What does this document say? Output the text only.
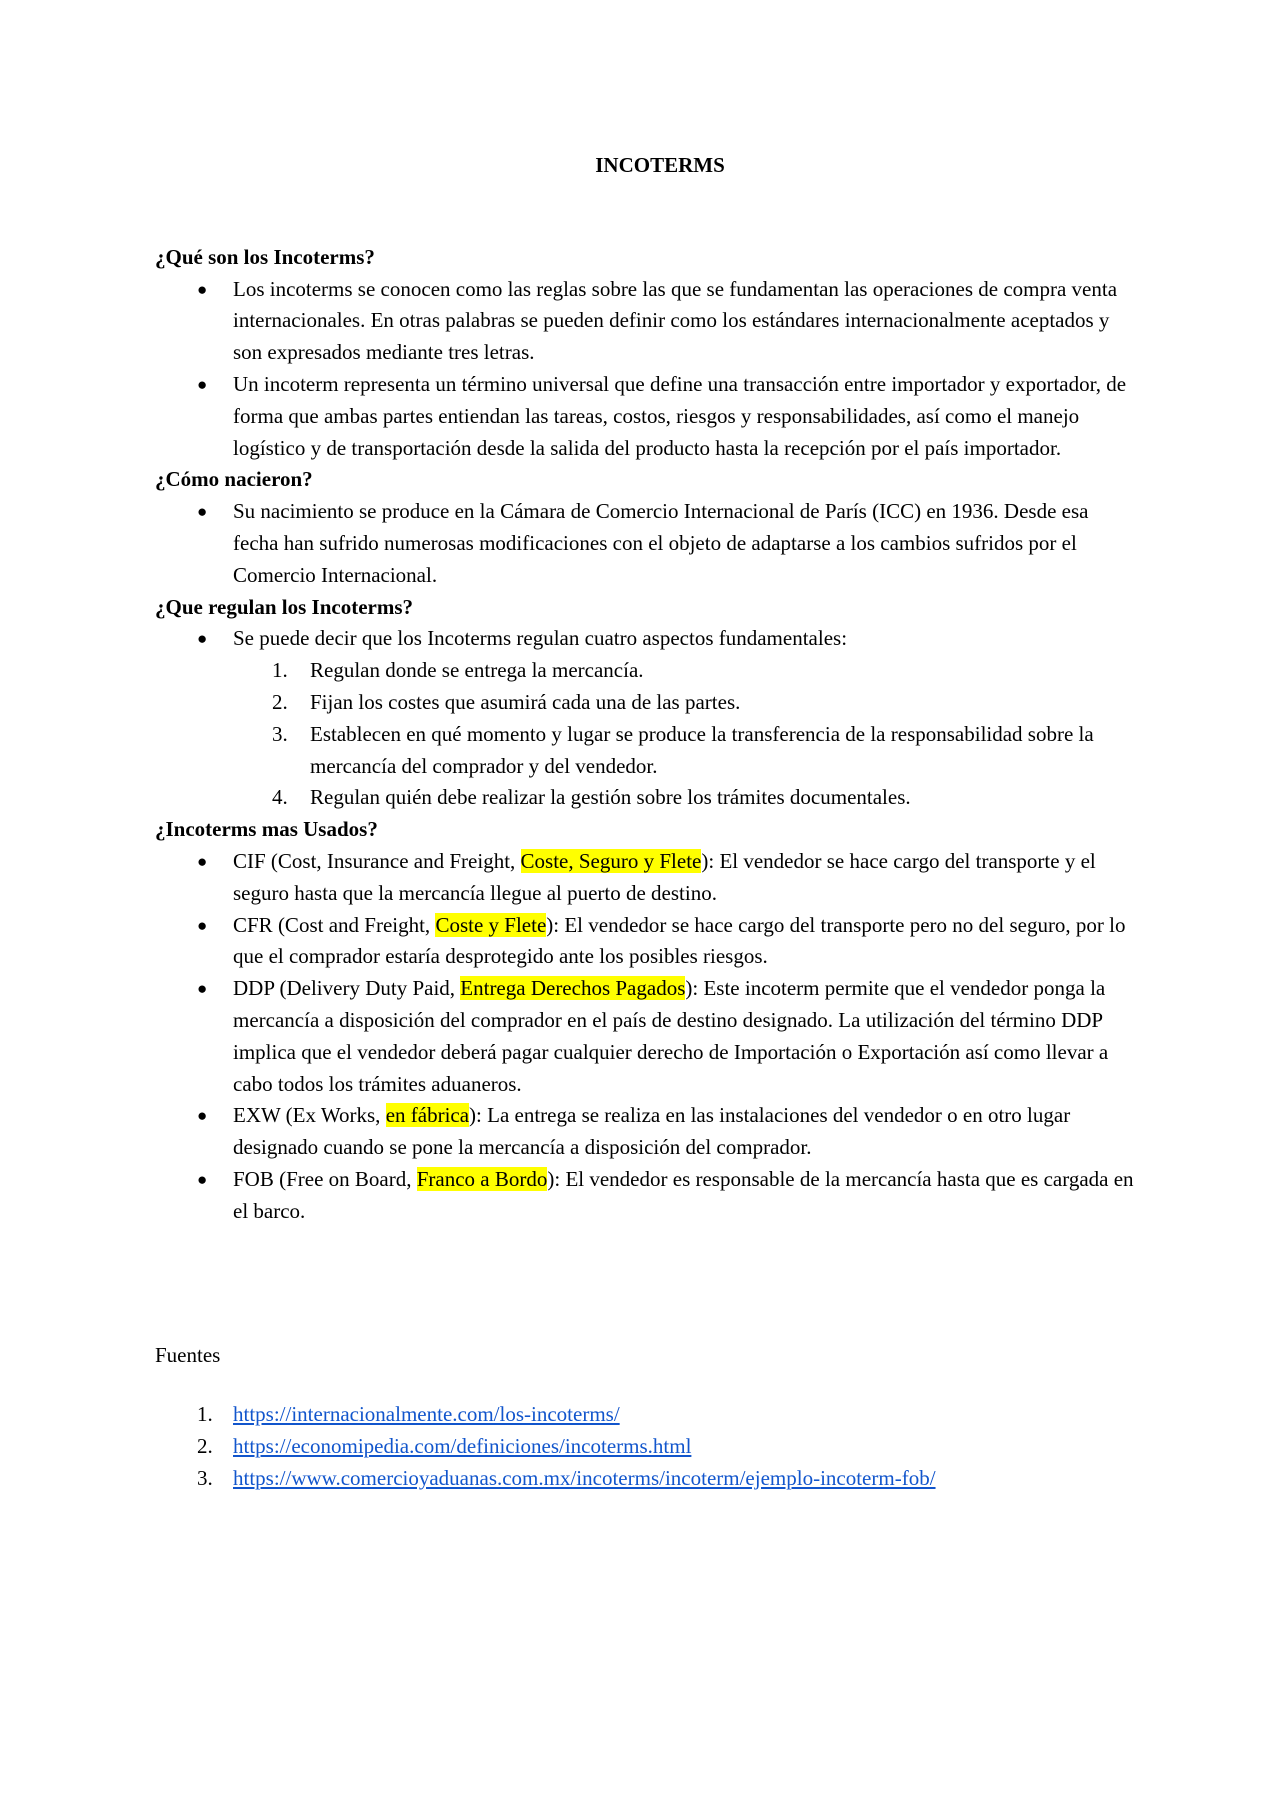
INCOTERMS

¿Qué son los Incoterms?

● Los incoterms se conocen como las reglas sobre las que se fundamentan las operaciones de compra venta internacionales. En otras palabras se pueden definir como los estándares internacionalmente aceptados y son expresados mediante tres letras.
● Un incoterm representa un término universal que define una transacción entre importador y exportador, de forma que ambas partes entiendan las tareas, costos, riesgos y responsabilidades, así como el manejo logístico y de transportación desde la salida del producto hasta la recepción por el país importador.

¿Cómo nacieron?

● Su nacimiento se produce en la Cámara de Comercio Internacional de París (ICC) en 1936. Desde esa fecha han sufrido numerosas modificaciones con el objeto de adaptarse a los cambios sufridos por el Comercio Internacional.

¿Que regulan los Incoterms?

● Se puede decir que los Incoterms regulan cuatro aspectos fundamentales:
1. Regulan donde se entrega la mercancía.
2. Fijan los costes que asumirá cada una de las partes.
3. Establecen en qué momento y lugar se produce la transferencia de la responsabilidad sobre la mercancía del comprador y del vendedor.
4. Regulan quién debe realizar la gestión sobre los trámites documentales.

¿Incoterms mas Usados?

● CIF (Cost, Insurance and Freight, Coste, Seguro y Flete): El vendedor se hace cargo del transporte y el seguro hasta que la mercancía llegue al puerto de destino.
● CFR (Cost and Freight, Coste y Flete): El vendedor se hace cargo del transporte pero no del seguro, por lo que el comprador estaría desprotegido ante los posibles riesgos.
● DDP (Delivery Duty Paid, Entrega Derechos Pagados): Este incoterm permite que el vendedor ponga la mercancía a disposición del comprador en el país de destino designado. La utilización del término DDP implica que el vendedor deberá pagar cualquier derecho de Importación o Exportación así como llevar a cabo todos los trámites aduaneros.
● EXW (Ex Works, en fábrica): La entrega se realiza en las instalaciones del vendedor o en otro lugar designado cuando se pone la mercancía a disposición del comprador.
● FOB (Free on Board, Franco a Bordo): El vendedor es responsable de la mercancía hasta que es cargada en el barco.

Fuentes

1. https://internacionalmente.com/los-incoterms/
2. https://economipedia.com/definiciones/incoterms.html
3. https://www.comercioyaduanas.com.mx/incoterms/incoterm/ejemplo-incoterm-fob/
